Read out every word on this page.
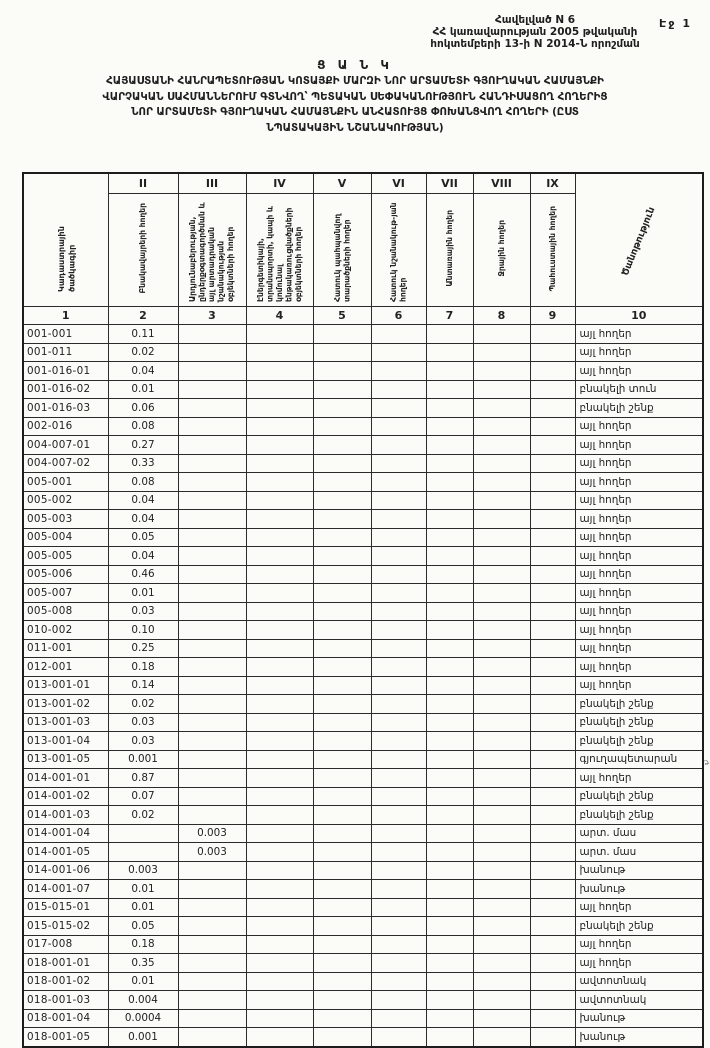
Էջ 1
Հավելված N 6
ՀՀ կառավարության 2005 թվականի
հոկտեմբերի 13-ի N 2014-Ն որոշման
Ց Ա Ն Կ
ՀԱՅԱՍՏԱՆԻ ՀԱՆՐԱՊԵՏՈՒԹՅԱՆ ԿՈՏԱՅՔԻ ՄԱՐԶԻ ՆՈՐ ԱՐՏԱՄԵՏԻ ԳՅՈՒՂԱԿԱՆ ՀԱՄԱՅՆՔԻ
ՎԱՐՉԱԿԱՆ ՍԱՀՄԱՆՆԵՐՈՒՄ ԳՏՆՎՈՂ՝ ՊԵՏԱԿԱՆ ՍԵՓԱԿԱՆՈՒԹՅՈՒՆ ՀԱՆԴԻՍԱՑՈՂ ՀՈՂԵՐԻՑ
ՆՈՐ ԱՐՏԱՄԵՏԻ ԳՅՈՒՂԱԿԱՆ ՀԱՄԱՅՆՔԻՆ ԱՆՀԱՏՈՒՅՑ ՓՈԽԱՆՑՎՈՂ ՀՈՂԵՐԻ (ԸՍՏ
ՆՊԱՏԱԿԱՅԻՆ ՆՇԱՆԱԿՈՒԹՅԱՆ)
Կադաստրային ծածկագիր	II	III	IV	V	VI	VII	VIII	IX	Ծանոթություն
	Բնակավայրերի հողեր	Արդյունաբերության, ընդերքօգտագործման և այլ արտադրական նշանակության օբյեկտների հողեր	Էներգետիկայի, տրանսպորտի, կապի և կոմունալ ենթակառուցվածքների օբյեկտների հողեր	Հատուկ պահպանվող տարածքների հողեր	Հատուկ նշանակութ-յան հողեր	Անտառային հողեր	Ջրային հողեր	Պահուստային հողեր	
1	2	3	4	5	6	7	8	9	10
001-001	0.11								այլ հողեր
001-011	0.02								այլ հողեր
001-016-01	0.04								այլ հողեր
001-016-02	0.01								բնակելի տուն
001-016-03	0.06								բնակելի շենք
002-016	0.08								այլ հողեր
004-007-01	0.27								այլ հողեր
004-007-02	0.33								այլ հողեր
005-001	0.08								այլ հողեր
005-002	0.04								այլ հողեր
005-003	0.04								այլ հողեր
005-004	0.05								այլ հողեր
005-005	0.04								այլ հողեր
005-006	0.46								այլ հողեր
005-007	0.01								այլ հողեր
005-008	0.03								այլ հողեր
010-002	0.10								այլ հողեր
011-001	0.25								այլ հողեր
012-001	0.18								այլ հողեր
013-001-01	0.14								այլ հողեր
013-001-02	0.02								բնակելի շենք
013-001-03	0.03								բնակելի շենք
013-001-04	0.03								բնակելի շենք
013-001-05	0.001								գյուղապետարան
014-001-01	0.87								այլ հողեր
014-001-02	0.07								բնակելի շենք
014-001-03	0.02								բնակելի շենք
014-001-04		0.003							արտ. մաս
014-001-05		0.003							արտ. մաս
014-001-06	0.003								խանութ
014-001-07	0.01								խանութ
015-015-01	0.01								այլ հողեր
015-015-02	0.05								բնակելի շենք
017-008	0.18								այլ հողեր
018-001-01	0.35								այլ հողեր
018-001-02	0.01								ավտոտնակ
018-001-03	0.004								ավտոտնակ
018-001-04	0.0004								խանութ
018-001-05	0.001								խանութ
թ
